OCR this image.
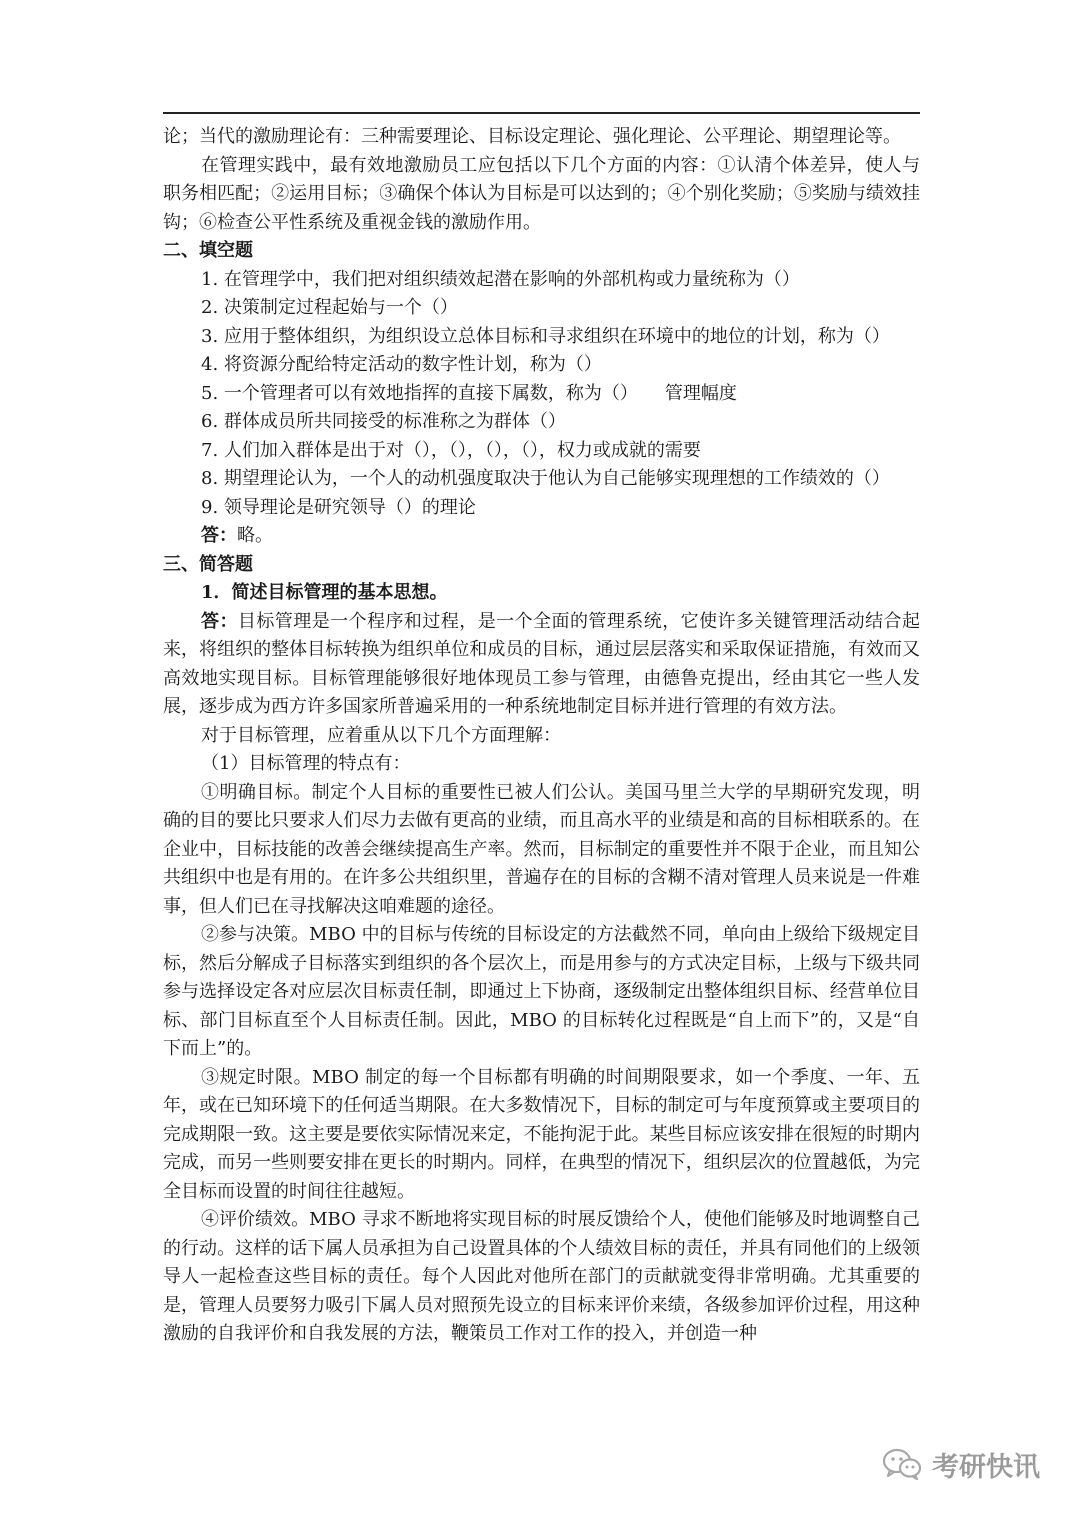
论；当代的激励理论有：三种需要理论、目标设定理论、强化理论、公平理论、期望理论等。

在管理实践中，最有效地激励员工应包括以下几个方面的内容：①认清个体差异，使人与职务相匹配；②运用目标；③确保个体认为目标是可以达到的；④个别化奖励；⑤奖励与绩效挂钩；⑥检查公平性系统及重视金钱的激励作用。

二、填空题

1. 在管理学中，我们把对组织绩效起潜在影响的外部机构或力量统称为（）

2. 决策制定过程起始与一个（）

3. 应用于整体组织，为组织设立总体目标和寻求组织在环境中的地位的计划，称为（）

4. 将资源分配给特定活动的数字性计划，称为（）

5. 一个管理者可以有效地指挥的直接下属数，称为（）　　管理幅度

6. 群体成员所共同接受的标准称之为群体（）

7. 人们加入群体是出于对（），（），（），（），权力或成就的需要

8. 期望理论认为，一个人的动机强度取决于他认为自己能够实现理想的工作绩效的（）

9. 领导理论是研究领导（）的理论

答：略。

三、简答题

1．简述目标管理的基本思想。

答：目标管理是一个程序和过程，是一个全面的管理系统，它使许多关键管理活动结合起来，将组织的整体目标转换为组织单位和成员的目标，通过层层落实和采取保证措施，有效而又高效地实现目标。目标管理能够很好地体现员工参与管理，由德鲁克提出，经由其它一些人发展，逐步成为西方许多国家所普遍采用的一种系统地制定目标并进行管理的有效方法。

对于目标管理，应着重从以下几个方面理解：

（1）目标管理的特点有：

①明确目标。制定个人目标的重要性已被人们公认。美国马里兰大学的早期研究发现，明确的目的要比只要求人们尽力去做有更高的业绩，而且高水平的业绩是和高的目标相联系的。在企业中，目标技能的改善会继续提高生产率。然而，目标制定的重要性并不限于企业，而且知公共组织中也是有用的。在许多公共组织里，普遍存在的目标的含糊不清对管理人员来说是一件难事，但人们已在寻找解决这咱难题的途径。

②参与决策。MBO 中的目标与传统的目标设定的方法截然不同，单向由上级给下级规定目标，然后分解成子目标落实到组织的各个层次上，而是用参与的方式决定目标，上级与下级共同参与选择设定各对应层次目标责任制，即通过上下协商，逐级制定出整体组织目标、经营单位目标、部门目标直至个人目标责任制。因此，MBO 的目标转化过程既是“自上而下”的，又是“自下而上”的。

③规定时限。MBO 制定的每一个目标都有明确的时间期限要求，如一个季度、一年、五年，或在已知环境下的任何适当期限。在大多数情况下，目标的制定可与年度预算或主要项目的完成期限一致。这主要是要依实际情况来定，不能拘泥于此。某些目标应该安排在很短的时期内完成，而另一些则要安排在更长的时期内。同样，在典型的情况下，组织层次的位置越低，为完全目标而设置的时间往往越短。

④评价绩效。MBO 寻求不断地将实现目标的时展反馈给个人，使他们能够及时地调整自己的行动。这样的话下属人员承担为自己设置具体的个人绩效目标的责任，并具有同他们的上级领导人一起检查这些目标的责任。每个人因此对他所在部门的贡献就变得非常明确。尤其重要的是，管理人员要努力吸引下属人员对照预先设立的目标来评价来绩，各级参加评价过程，用这种激励的自我评价和自我发展的方法，鞭策员工作对工作的投入，并创造一种

考研快讯
